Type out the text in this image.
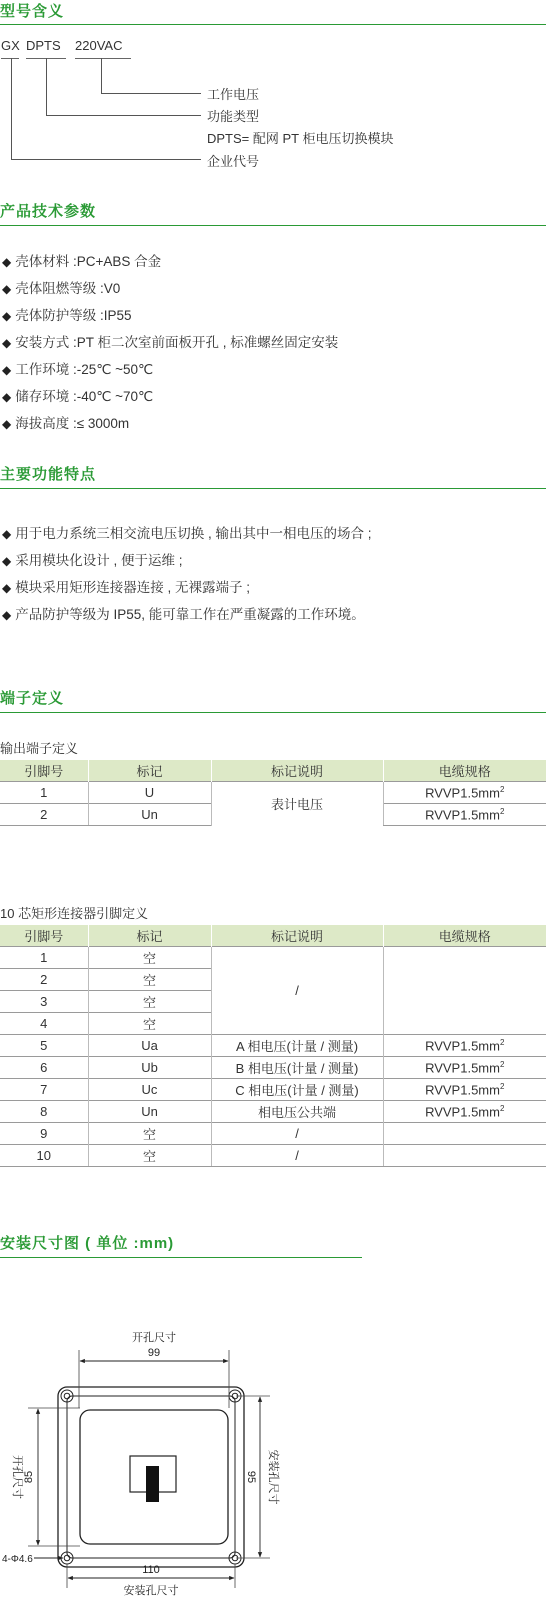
型号含义
GX DPTS 220VAC
工作电压
功能类型
DPTS= 配网 PT 柜电压切换模块
企业代号
产品技术参数
◆ 壳体材料 :PC+ABS 合金
◆ 壳体阻燃等级 :V0
◆ 壳体防护等级 :IP55
◆ 安装方式 :PT 柜二次室前面板开孔 , 标准螺丝固定安装
◆ 工作环境 :-25℃ ~50℃
◆ 储存环境 :-40℃ ~70℃
◆ 海拔高度 :≤ 3000m
主要功能特点
◆ 用于电力系统三相交流电压切换 , 输出其中一相电压的场合 ;
◆ 采用模块化设计 , 便于运维 ;
◆ 模块采用矩形连接器连接 , 无裸露端子 ;
◆ 产品防护等级为 IP55, 能可靠工作在严重凝露的工作环境。
端子定义
输出端子定义
引脚号	标记	标记说明	电缆规格
1	U	表计电压	$RVVP1.5mm^2$
2	Un		$RVVP1.5mm^2$
10 芯矩形连接器引脚定义
引脚号	标记	标记说明	电缆规格
1	空	/	
2	空		
3	空		
4	空		
5	Ua	A 相电压(计量 / 测量)	$RVVP1.5mm^2$
6	Ub	B 相电压(计量 / 测量)	$RVVP1.5mm^2$
7	Uc	C 相电压(计量 / 测量)	$RVVP1.5mm^2$
8	Un	相电压公共端	$RVVP1.5mm^2$
9	空	/	
10	空	/	
安装尺寸图 ( 单位 :mm)
开孔尺寸
99
开孔尺寸 85	95 安装孔尺寸
110
安装孔尺寸
4-Φ4.6
